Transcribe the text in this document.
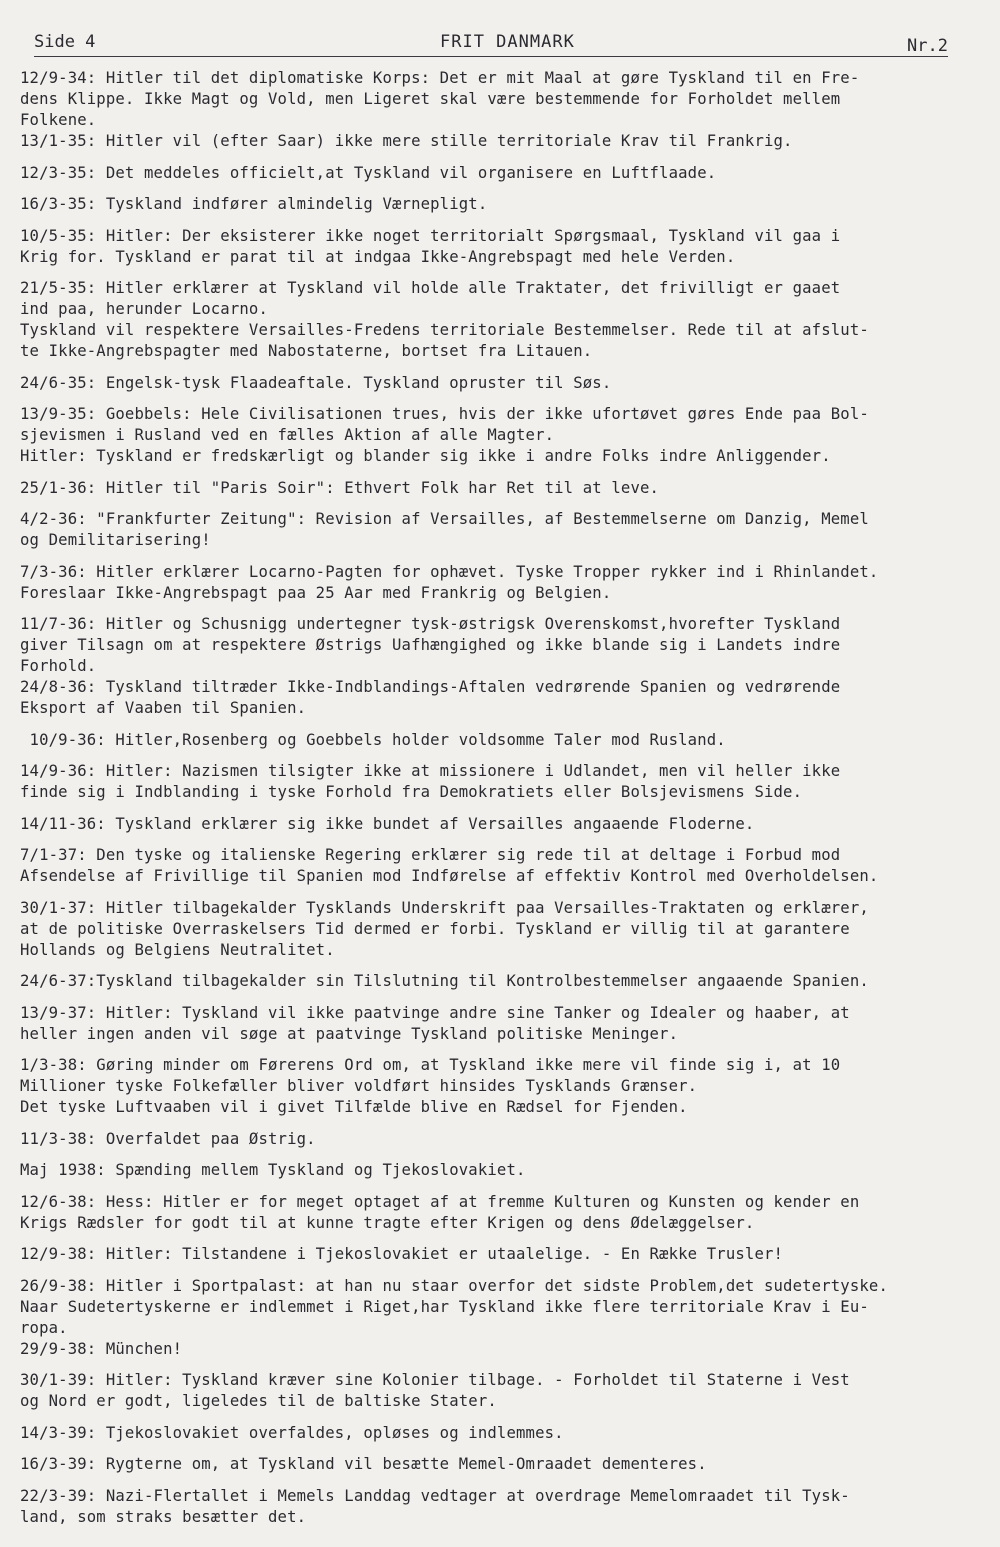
Side 4	FRIT DANMARK	Nr.2
12/9-34: Hitler til det diplomatiske Korps: Det er mit Maal at gøre Tyskland til en Fre-
dens Klippe. Ikke Magt og Vold, men Ligeret skal være bestemmende for Forholdet mellem
Folkene.
13/1-35: Hitler vil (efter Saar) ikke mere stille territoriale Krav til Frankrig.
12/3-35: Det meddeles officielt,at Tyskland vil organisere en Luftflaade.
16/3-35: Tyskland indfører almindelig Værnepligt.
10/5-35: Hitler: Der eksisterer ikke noget territorialt Spørgsmaal, Tyskland vil gaa i
Krig for. Tyskland er parat til at indgaa Ikke-Angrebspagt med hele Verden.
21/5-35: Hitler erklærer at Tyskland vil holde alle Traktater, det frivilligt er gaaet
ind paa, herunder Locarno.
Tyskland vil respektere Versailles-Fredens territoriale Bestemmelser. Rede til at afslut-
te Ikke-Angrebspagter med Nabostaterne, bortset fra Litauen.
24/6-35: Engelsk-tysk Flaadeaftale. Tyskland opruster til Søs.
13/9-35: Goebbels: Hele Civilisationen trues, hvis der ikke ufortøvet gøres Ende paa Bol-
sjevismen i Rusland ved en fælles Aktion af alle Magter.
Hitler: Tyskland er fredskærligt og blander sig ikke i andre Folks indre Anliggender.
25/1-36: Hitler til "Paris Soir": Ethvert Folk har Ret til at leve.
4/2-36: "Frankfurter Zeitung": Revision af Versailles, af Bestemmelserne om Danzig, Memel
og Demilitarisering!
7/3-36: Hitler erklærer Locarno-Pagten for ophævet. Tyske Tropper rykker ind i Rhinlandet.
Foreslaar Ikke-Angrebspagt paa 25 Aar med Frankrig og Belgien.
11/7-36: Hitler og Schusnigg undertegner tysk-østrigsk Overenskomst,hvorefter Tyskland
giver Tilsagn om at respektere Østrigs Uafhængighed og ikke blande sig i Landets indre
Forhold.
24/8-36: Tyskland tiltræder Ikke-Indblandings-Aftalen vedrørende Spanien og vedrørende
Eksport af Vaaben til Spanien.
10/9-36: Hitler,Rosenberg og Goebbels holder voldsomme Taler mod Rusland.
14/9-36: Hitler: Nazismen tilsigter ikke at missionere i Udlandet, men vil heller ikke
finde sig i Indblanding i tyske Forhold fra Demokratiets eller Bolsjevismens Side.
14/11-36: Tyskland erklærer sig ikke bundet af Versailles angaaende Floderne.
7/1-37: Den tyske og italienske Regering erklærer sig rede til at deltage i Forbud mod
Afsendelse af Frivillige til Spanien mod Indførelse af effektiv Kontrol med Overholdelsen.
30/1-37: Hitler tilbagekalder Tysklands Underskrift paa Versailles-Traktaten og erklærer,
at de politiske Overraskelsers Tid dermed er forbi. Tyskland er villig til at garantere
Hollands og Belgiens Neutralitet.
24/6-37:Tyskland tilbagekalder sin Tilslutning til Kontrolbestemmelser angaaende Spanien.
13/9-37: Hitler: Tyskland vil ikke paatvinge andre sine Tanker og Idealer og haaber, at
heller ingen anden vil søge at paatvinge Tyskland politiske Meninger.
1/3-38: Gøring minder om Førerens Ord om, at Tyskland ikke mere vil finde sig i, at 10
Millioner tyske Folkefæller bliver voldført hinsides Tysklands Grænser.
Det tyske Luftvaaben vil i givet Tilfælde blive en Rædsel for Fjenden.
11/3-38: Overfaldet paa Østrig.
Maj 1938: Spænding mellem Tyskland og Tjekoslovakiet.
12/6-38: Hess: Hitler er for meget optaget af at fremme Kulturen og Kunsten og kender en
Krigs Rædsler for godt til at kunne tragte efter Krigen og dens Ødelæggelser.
12/9-38: Hitler: Tilstandene i Tjekoslovakiet er utaalelige. - En Række Trusler!
26/9-38: Hitler i Sportpalast: at han nu staar overfor det sidste Problem,det sudetertyske.
Naar Sudetertyskerne er indlemmet i Riget,har Tyskland ikke flere territoriale Krav i Eu-
ropa.
29/9-38: München!
30/1-39: Hitler: Tyskland kræver sine Kolonier tilbage. - Forholdet til Staterne i Vest
og Nord er godt, ligeledes til de baltiske Stater.
14/3-39: Tjekoslovakiet overfaldes, opløses og indlemmes.
16/3-39: Rygterne om, at Tyskland vil besætte Memel-Omraadet dementeres.
22/3-39: Nazi-Flertallet i Memels Landdag vedtager at overdrage Memelomraadet til Tysk-
land, som straks besætter det.
